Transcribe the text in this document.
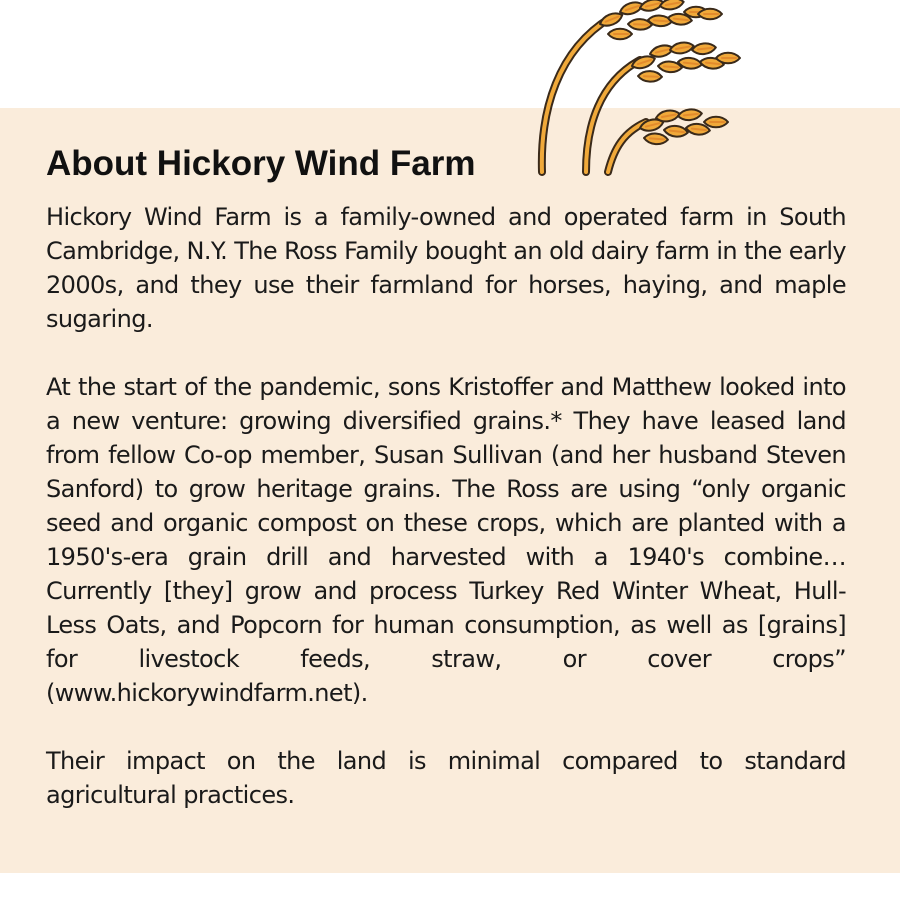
About Hickory Wind Farm

Hickory Wind Farm is a family-owned and operated farm in South Cambridge, N.Y. The Ross Family bought an old dairy farm in the early 2000s, and they use their farmland for horses, haying, and maple sugaring.

At the start of the pandemic, sons Kristoffer and Matthew looked into a new venture: growing diversified grains.* They have leased land from fellow Co-op member, Susan Sullivan (and her husband Steven Sanford) to grow heritage grains. The Ross are using “only organic seed and organic compost on these crops, which are planted with a 1950's-era grain drill and harvested with a 1940's combine…Currently [they] grow and process Turkey Red Winter Wheat, Hull-Less Oats, and Popcorn for human consumption, as well as [grains] for livestock feeds, straw, or cover crops” (www.hickorywindfarm.net).

Their impact on the land is minimal compared to standard agricultural practices.
